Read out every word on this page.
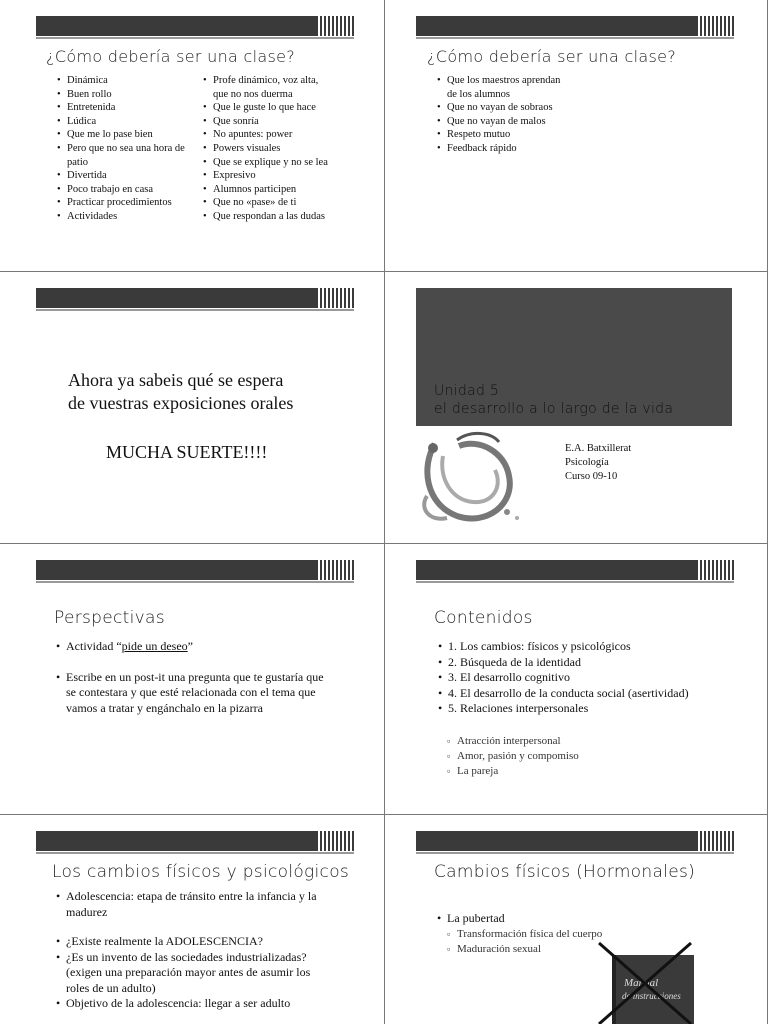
¿Cómo debería ser una clase?
• Dinámica
• Buen rollo
• Entretenida
• Lúdica
• Que me lo pase bien
• Pero que no sea una hora de patio
• Divertida
• Poco trabajo en casa
• Practicar procedimientos
• Actividades
• Profe dinámico, voz alta, que no nos duerma
• Que le guste lo que hace
• Que sonría
• No apuntes: power
• Powers visuales
• Que se explique y no se lea
• Expresivo
• Alumnos participen
• Que no «pase» de ti
• Que respondan a las dudas
¿Cómo debería ser una clase?
• Que los maestros aprendan de los alumnos
• Que no vayan de sobraos
• Que no vayan de malos
• Respeto mutuo
• Feedback rápido
Ahora ya sabeis qué se espera
de vuestras exposiciones orales
MUCHA SUERTE!!!!
Unidad 5
el desarrollo a lo largo de la vida
E.A. Batxillerat
Psicología
Curso 09-10
Perspectivas
• Actividad “pide un deseo”
• Escribe en un post-it una pregunta que te gustaría que se contestara y que esté relacionada con el tema que vamos a tratar y engánchalo en la pizarra
Contenidos
• 1. Los cambios: físicos y psicológicos
• 2. Búsqueda de la identidad
• 3. El desarrollo cognitivo
• 4. El desarrollo de la conducta social (asertividad)
• 5. Relaciones interpersonales
▫ Atracción interpersonal
▫ Amor, pasión y compomiso
▫ La pareja
Los cambios físicos y psicológicos
• Adolescencia: etapa de tránsito entre la infancia y la madurez
• ¿Existe realmente la ADOLESCENCIA?
• ¿Es un invento de las sociedades industrializadas? (exigen una preparación mayor antes de asumir los roles de un adulto)
• Objetivo de la adolescencia: llegar a ser adulto
Cambios físicos (Hormonales)
• La pubertad
▫ Transformación física del cuerpo
▫ Maduración sexual
Manual
de instrucciones
